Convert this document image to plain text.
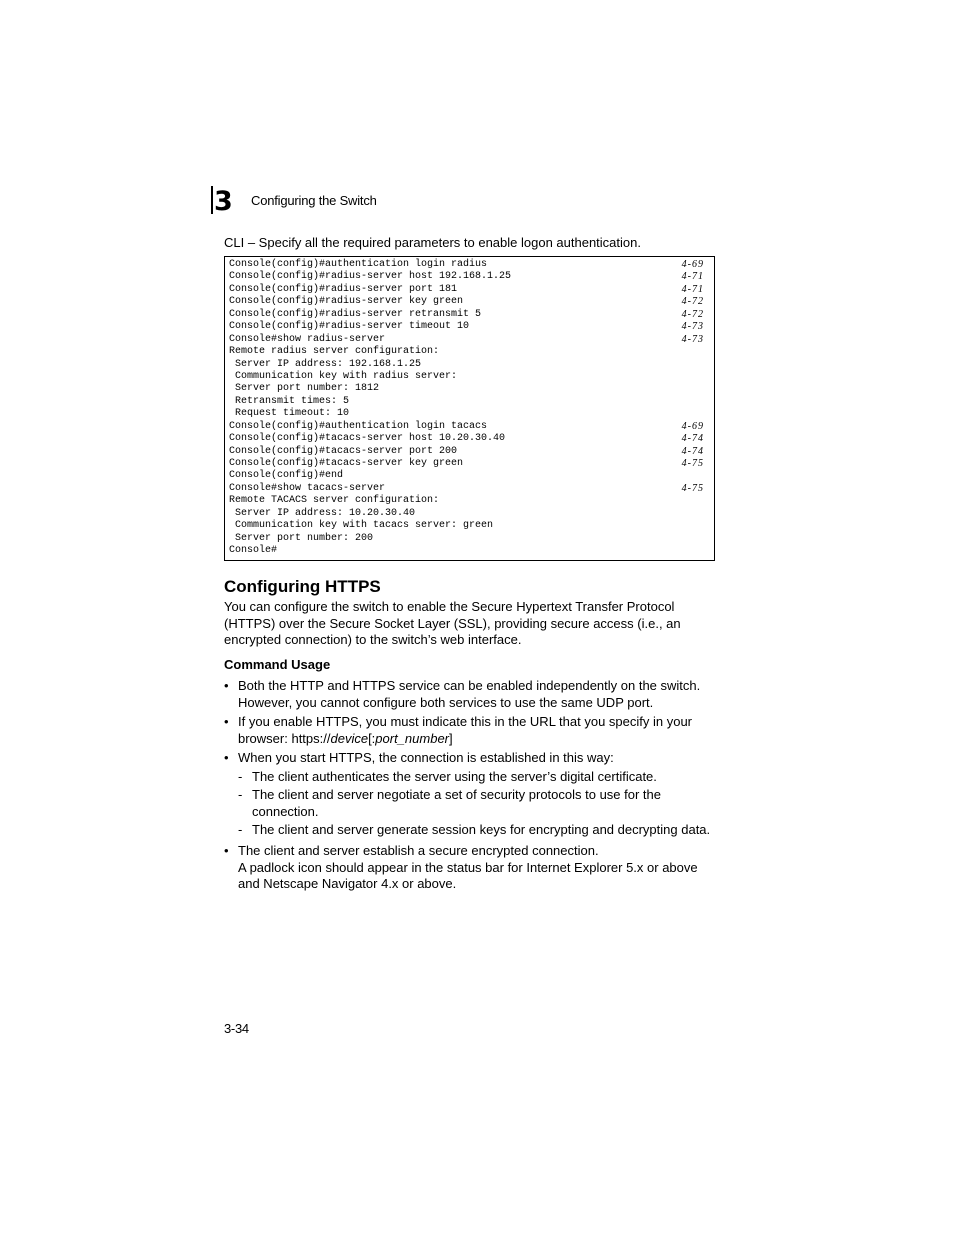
3 Configuring the Switch
CLI – Specify all the required parameters to enable logon authentication.
Console(config)#authentication login radius	4-69
Console(config)#radius-server host 192.168.1.25	4-71
Console(config)#radius-server port 181	4-71
Console(config)#radius-server key green	4-72
Console(config)#radius-server retransmit 5	4-72
Console(config)#radius-server timeout 10	4-73
Console#show radius-server	4-73
Remote radius server configuration:
Server IP address: 192.168.1.25
Communication key with radius server:
Server port number: 1812
Retransmit times: 5
Request timeout: 10
Console(config)#authentication login tacacs	4-69
Console(config)#tacacs-server host 10.20.30.40	4-74
Console(config)#tacacs-server port 200	4-74
Console(config)#tacacs-server key green	4-75
Console(config)#end
Console#show tacacs-server	4-75
Remote TACACS server configuration:
Server IP address: 10.20.30.40
Communication key with tacacs server: green
Server port number: 200
Console#
Configuring HTTPS
You can configure the switch to enable the Secure Hypertext Transfer Protocol (HTTPS) over the Secure Socket Layer (SSL), providing secure access (i.e., an encrypted connection) to the switch’s web interface.
Command Usage
• Both the HTTP and HTTPS service can be enabled independently on the switch.
However, you cannot configure both services to use the same UDP port.
• If you enable HTTPS, you must indicate this in the URL that you specify in your
browser: https://device[:port_number]
• When you start HTTPS, the connection is established in this way:
- The client authenticates the server using the server’s digital certificate.
- The client and server negotiate a set of security protocols to use for the
connection.
- The client and server generate session keys for encrypting and decrypting data.
• The client and server establish a secure encrypted connection.
A padlock icon should appear in the status bar for Internet Explorer 5.x or above
and Netscape Navigator 4.x or above.
3-34
